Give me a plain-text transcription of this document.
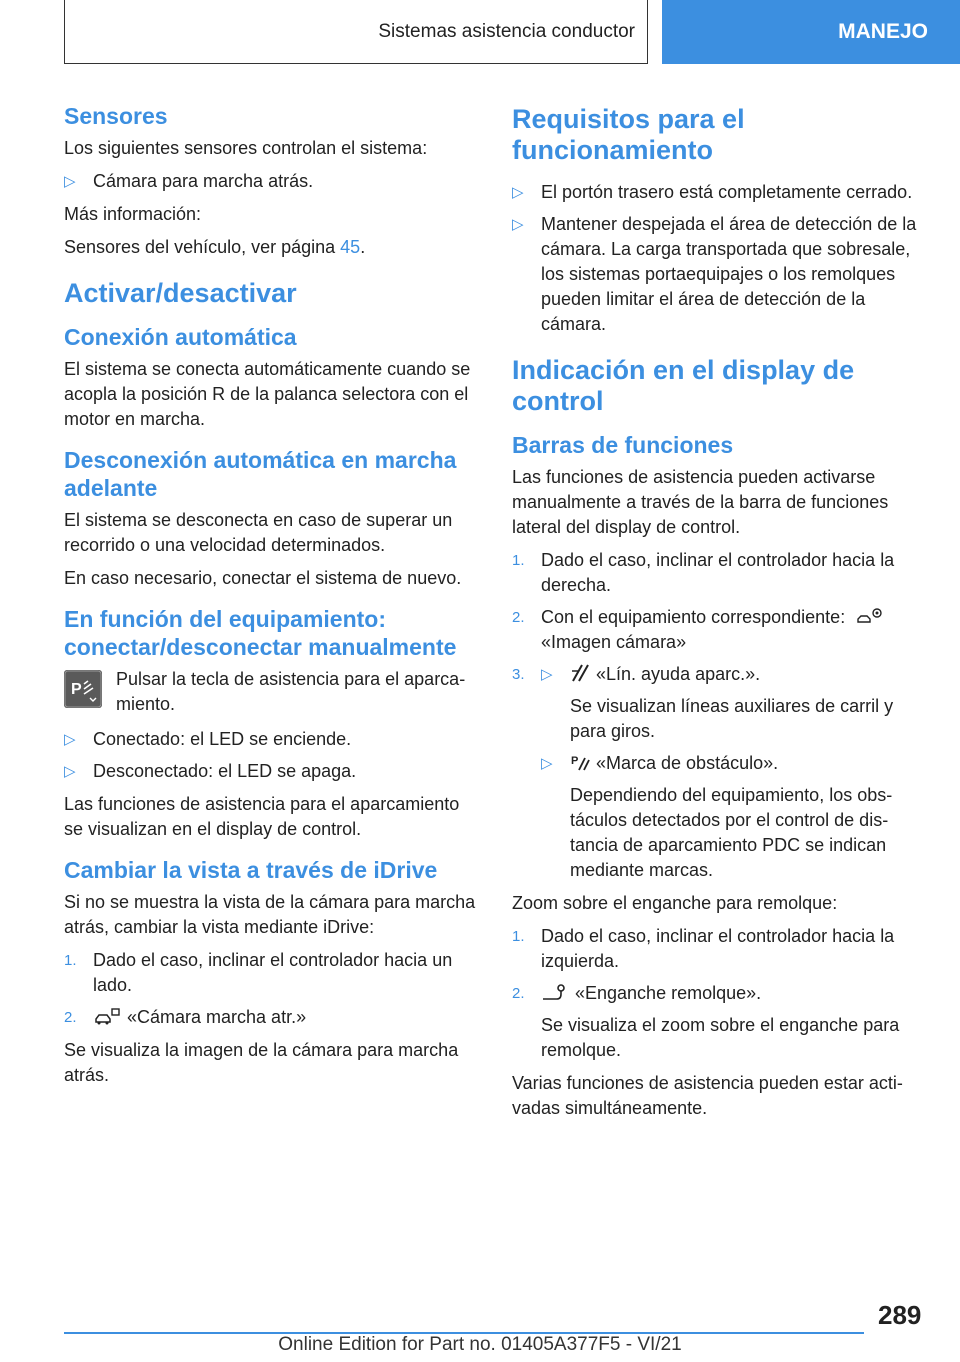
Sistemas asistencia conductor	MANEJO
Sensores

Los siguientes sensores controlan el sistema:

▷ Cámara para marcha atrás.

Más información:

Sensores del vehículo, ver página 45.

Activar/desactivar
Conexión automática

El sistema se conecta automáticamente cuando se acopla la posición R de la palanca selectora con el motor en marcha.

Desconexión automática en marcha adelante

El sistema se desconecta en caso de superar un recorrido o una velocidad determinados.

En caso necesario, conectar el sistema de nuevo.

En función del equipamiento: conectar/desconectar manualmente
P

Pulsar la tecla de asistencia para el aparcamiento.

▷ Conectado: el LED se enciende.
▷ Desconectado: el LED se apaga.

Las funciones de asistencia para el aparcamiento se visualizan en el display de control.

Cambiar la vista a través de iDrive

Si no se muestra la vista de la cámara para marcha atrás, cambiar la vista mediante iDrive:

1. Dado el caso, inclinar el controlador hacia un lado.
2.	«Cámara marcha atr.»

Se visualiza la imagen de la cámara para marcha atrás.

Requisitos para el funcionamiento
▷ El portón trasero está completamente cerrado.
▷ Mantener despejada el área de detección de la cámara. La carga transportada que sobresale, los sistemas portaequipajes o los remolques pueden limitar el área de detección de la cámara.
Indicación en el display de control
Barras de funciones

Las funciones de asistencia pueden activarse manualmente a través de la barra de funciones lateral del display de control.

1. Dado el caso, inclinar el controlador hacia la derecha.
2. Con el equipamiento correspondiente:
«Imagen cámara»
3.	▷	«Lín. ayuda aparc.».
Se visualizan líneas auxiliares de carril y para giros.
▷	P «Marca de obstáculo».
Dependiendo del equipamiento, los obstáculos detectados por el control de distancia de aparcamiento PDC se indican mediante marcas.

Zoom sobre el enganche para remolque:

1. Dado el caso, inclinar el controlador hacia la izquierda.
2.	«Enganche remolque».
Se visualiza el zoom sobre el enganche para remolque.

Varias funciones de asistencia pueden estar activadas simultáneamente.

289
Online Edition for Part no. 01405A377F5 - VI/21
